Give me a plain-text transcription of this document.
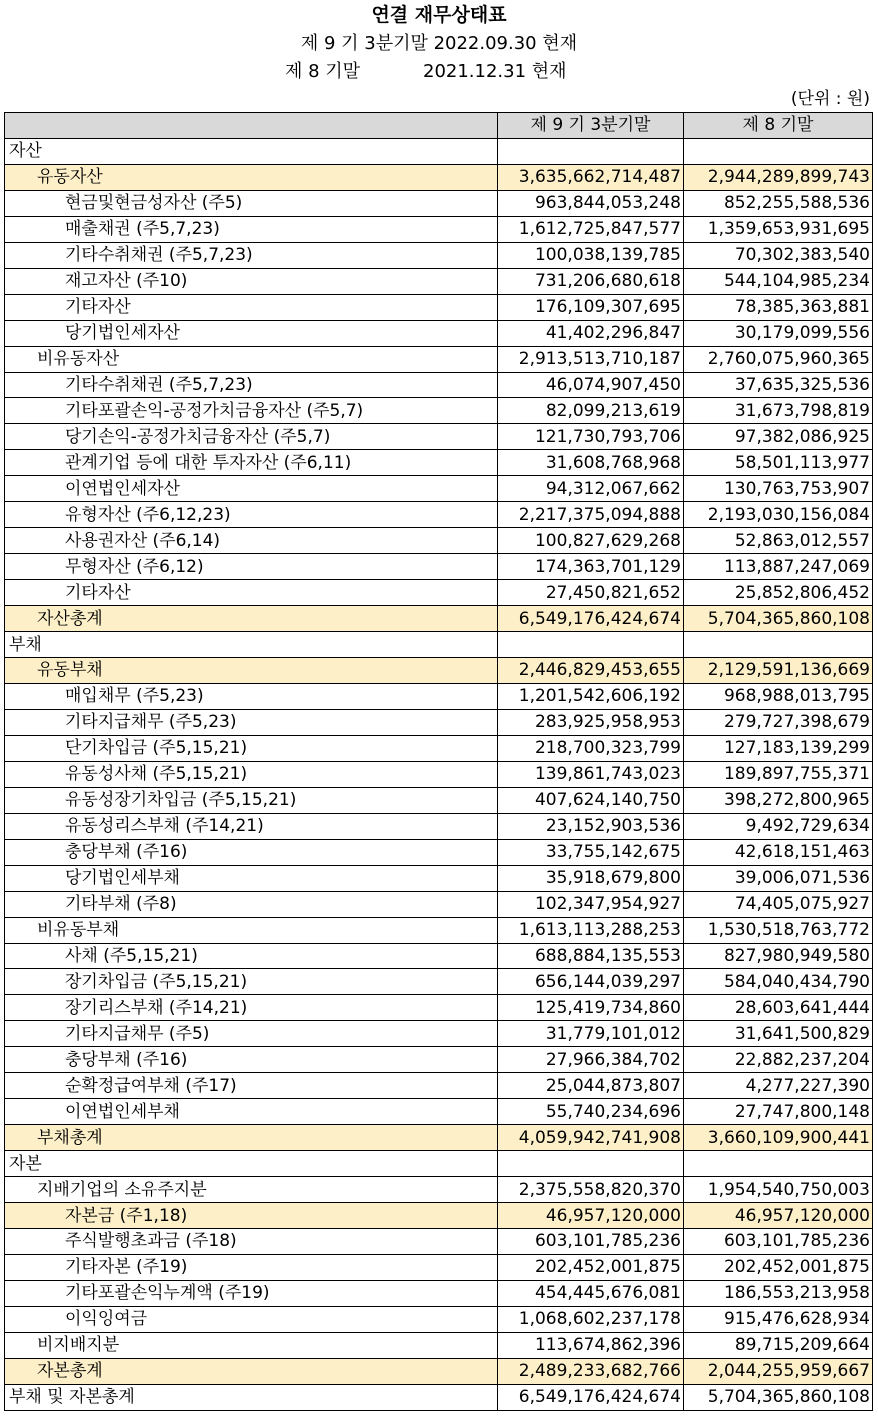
연결 재무상태표
제 9 기 3분기말 2022.09.30 현재
제 8 기말           2021.12.31 현재
(단위 : 원)
	제 9 기 3분기말	제 8 기말
자산		
유동자산	3,635,662,714,487	2,944,289,899,743
현금및현금성자산 (주5)	963,844,053,248	852,255,588,536
매출채권 (주5,7,23)	1,612,725,847,577	1,359,653,931,695
기타수취채권 (주5,7,23)	100,038,139,785	70,302,383,540
재고자산 (주10)	731,206,680,618	544,104,985,234
기타자산	176,109,307,695	78,385,363,881
당기법인세자산	41,402,296,847	30,179,099,556
비유동자산	2,913,513,710,187	2,760,075,960,365
기타수취채권 (주5,7,23)	46,074,907,450	37,635,325,536
기타포괄손익-공정가치금융자산 (주5,7)	82,099,213,619	31,673,798,819
당기손익-공정가치금융자산 (주5,7)	121,730,793,706	97,382,086,925
관계기업 등에 대한 투자자산 (주6,11)	31,608,768,968	58,501,113,977
이연법인세자산	94,312,067,662	130,763,753,907
유형자산 (주6,12,23)	2,217,375,094,888	2,193,030,156,084
사용권자산 (주6,14)	100,827,629,268	52,863,012,557
무형자산 (주6,12)	174,363,701,129	113,887,247,069
기타자산	27,450,821,652	25,852,806,452
자산총계	6,549,176,424,674	5,704,365,860,108
부채		
유동부채	2,446,829,453,655	2,129,591,136,669
매입채무 (주5,23)	1,201,542,606,192	968,988,013,795
기타지급채무 (주5,23)	283,925,958,953	279,727,398,679
단기차입금 (주5,15,21)	218,700,323,799	127,183,139,299
유동성사채 (주5,15,21)	139,861,743,023	189,897,755,371
유동성장기차입금 (주5,15,21)	407,624,140,750	398,272,800,965
유동성리스부채 (주14,21)	23,152,903,536	9,492,729,634
충당부채 (주16)	33,755,142,675	42,618,151,463
당기법인세부채	35,918,679,800	39,006,071,536
기타부채 (주8)	102,347,954,927	74,405,075,927
비유동부채	1,613,113,288,253	1,530,518,763,772
사채 (주5,15,21)	688,884,135,553	827,980,949,580
장기차입금 (주5,15,21)	656,144,039,297	584,040,434,790
장기리스부채 (주14,21)	125,419,734,860	28,603,641,444
기타지급채무 (주5)	31,779,101,012	31,641,500,829
충당부채 (주16)	27,966,384,702	22,882,237,204
순확정급여부채 (주17)	25,044,873,807	4,277,227,390
이연법인세부채	55,740,234,696	27,747,800,148
부채총계	4,059,942,741,908	3,660,109,900,441
자본		
지배기업의 소유주지분	2,375,558,820,370	1,954,540,750,003
자본금 (주1,18)	46,957,120,000	46,957,120,000
주식발행초과금 (주18)	603,101,785,236	603,101,785,236
기타자본 (주19)	202,452,001,875	202,452,001,875
기타포괄손익누계액 (주19)	454,445,676,081	186,553,213,958
이익잉여금	1,068,602,237,178	915,476,628,934
비지배지분	113,674,862,396	89,715,209,664
자본총계	2,489,233,682,766	2,044,255,959,667
부채 및 자본총계	6,549,176,424,674	5,704,365,860,108
